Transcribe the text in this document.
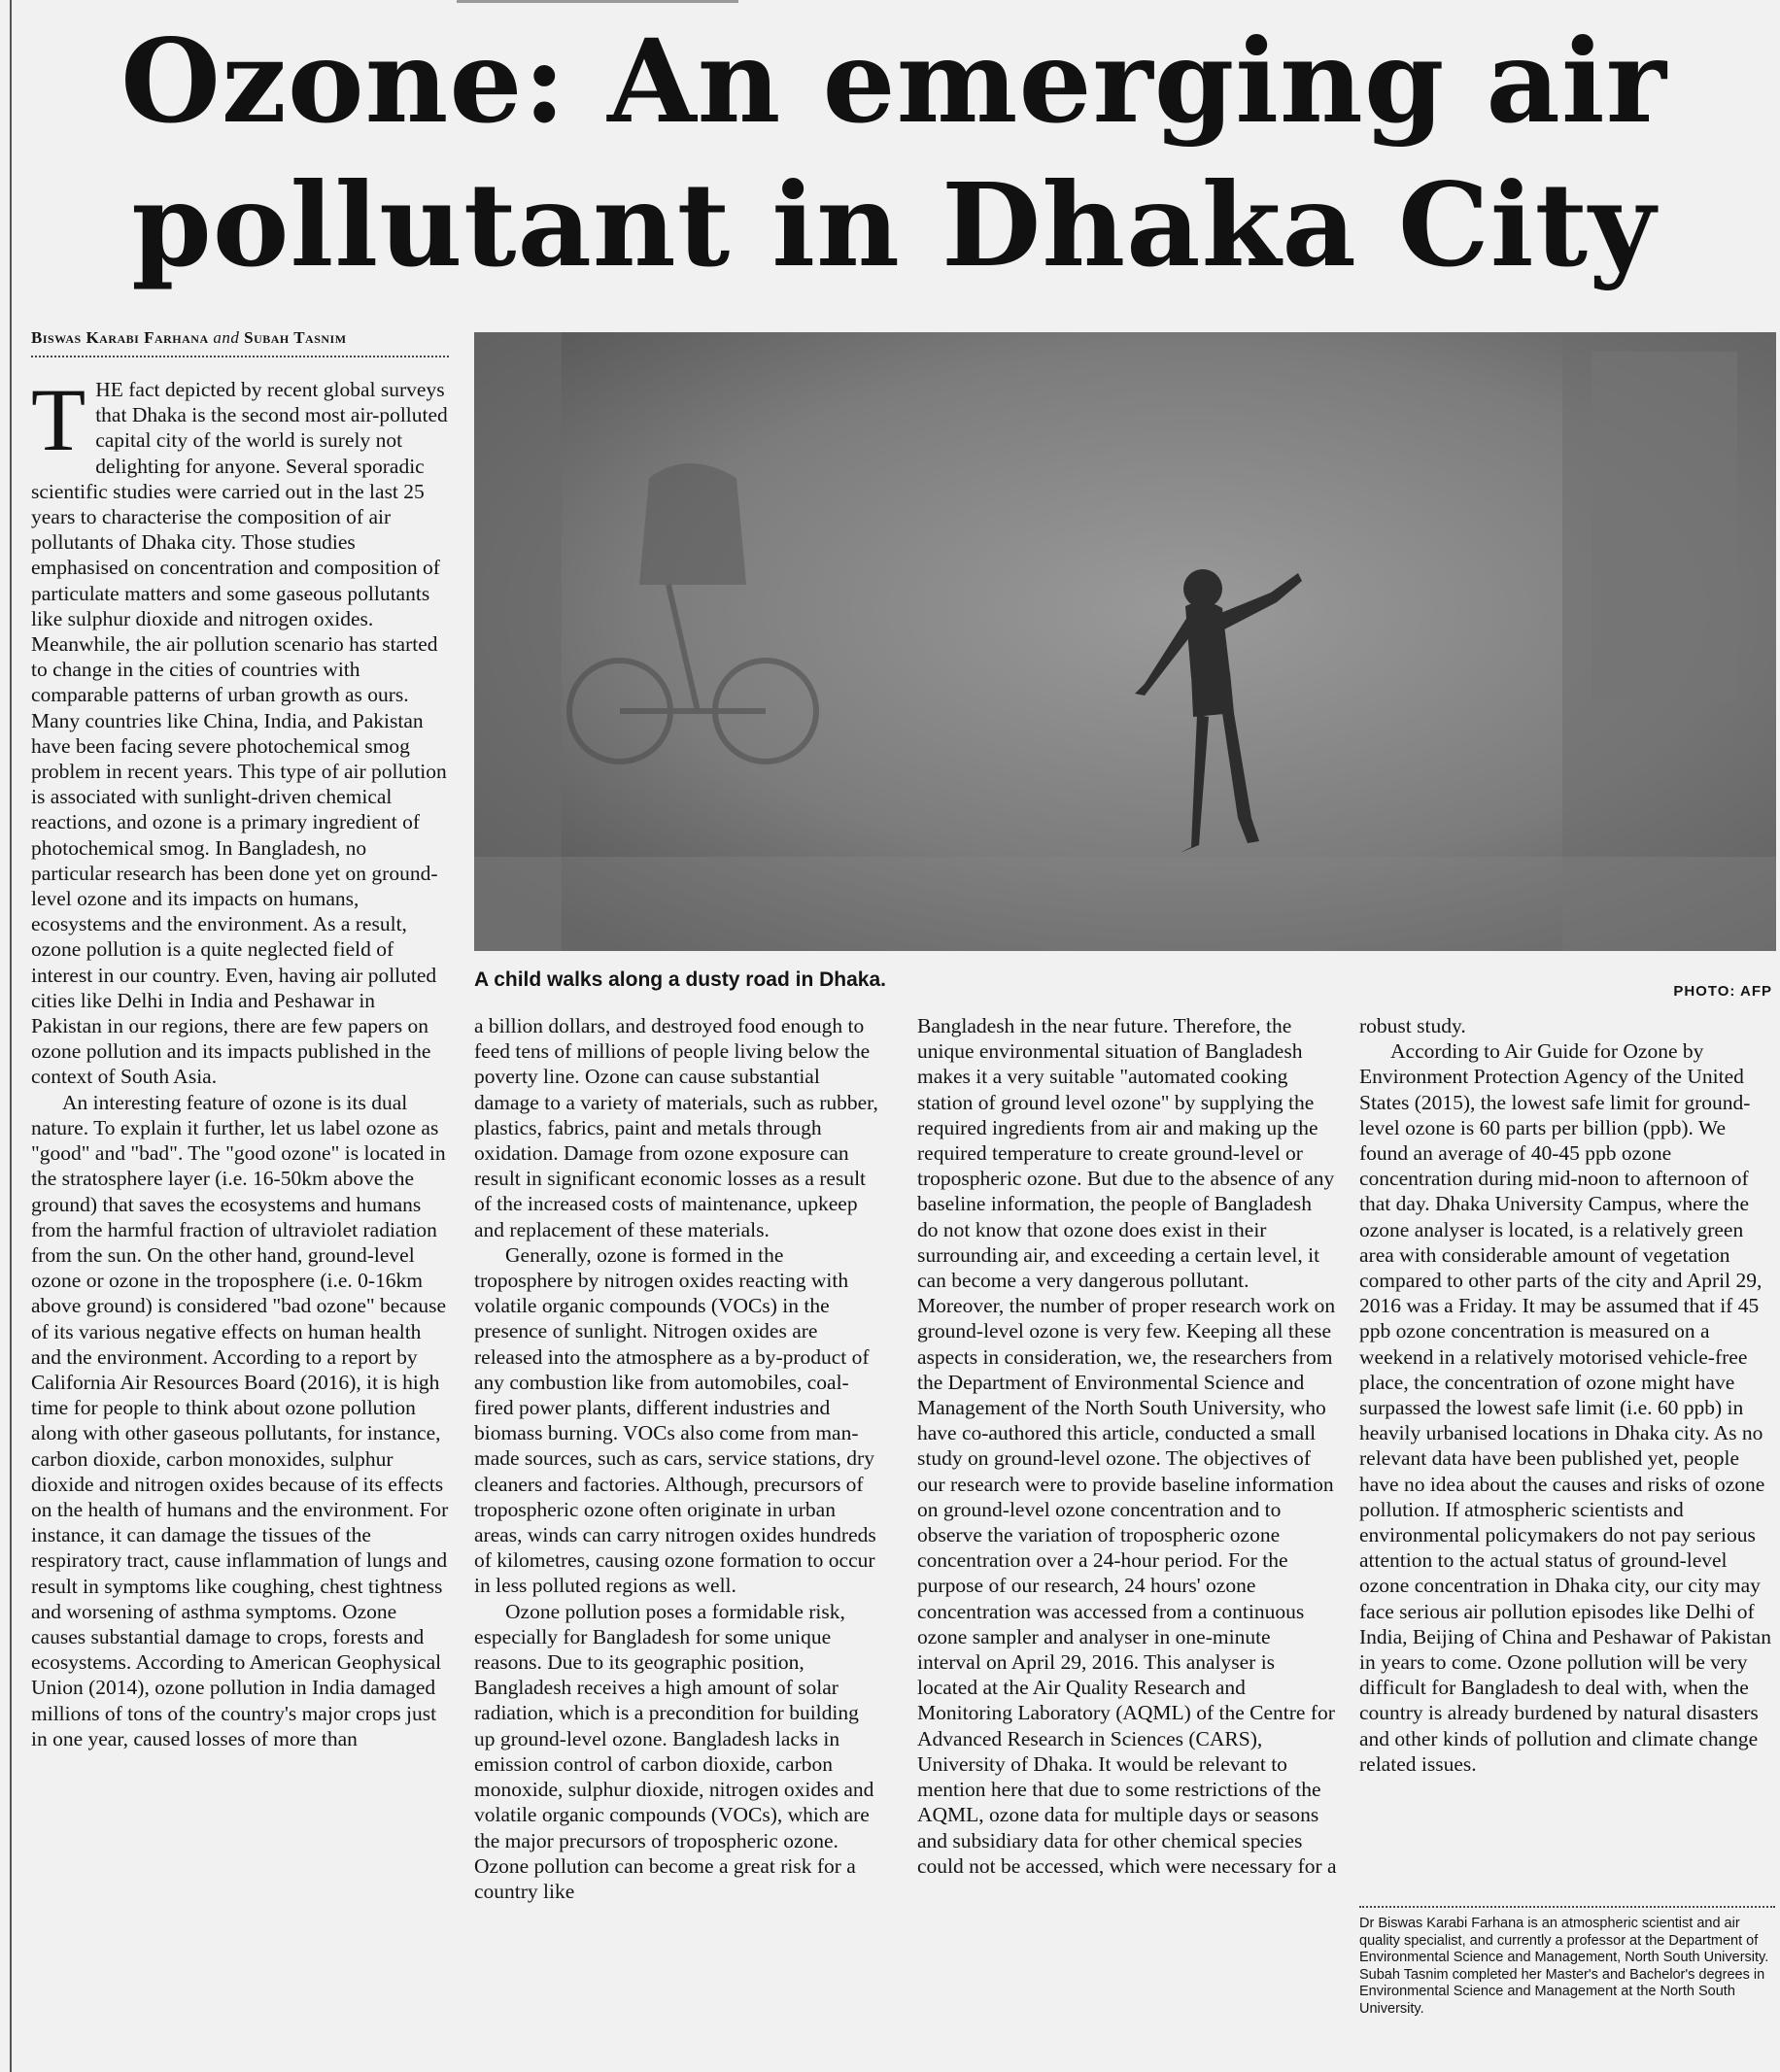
Ozone: An emerging air pollutant in Dhaka City
Biswas Karabi Farhana and Subah Tasnim
A child walks along a dusty road in Dhaka.
PHOTO: AFP

THE fact depicted by recent global surveys that Dhaka is the second most air-polluted capital city of the world is surely not delighting for anyone. Several sporadic scientific studies were carried out in the last 25 years to characterise the composition of air pollutants of Dhaka city. Those studies emphasised on concentration and composition of particulate matters and some gaseous pollutants like sulphur dioxide and nitrogen oxides. Meanwhile, the air pollution scenario has started to change in the cities of countries with comparable patterns of urban growth as ours. Many countries like China, India, and Pakistan have been facing severe photochemical smog problem in recent years. This type of air pollution is associated with sunlight-driven chemical reactions, and ozone is a primary ingredient of photochemical smog. In Bangladesh, no particular research has been done yet on ground-level ozone and its impacts on humans, ecosystems and the environment. As a result, ozone pollution is a quite neglected field of interest in our country. Even, having air polluted cities like Delhi in India and Peshawar in Pakistan in our regions, there are few papers on ozone pollution and its impacts published in the context of South Asia.

An interesting feature of ozone is its dual nature. To explain it further, let us label ozone as "good" and "bad". The "good ozone" is located in the stratosphere layer (i.e. 16-50km above the ground) that saves the ecosystems and humans from the harmful fraction of ultraviolet radiation from the sun. On the other hand, ground-level ozone or ozone in the troposphere (i.e. 0-16km above ground) is considered "bad ozone" because of its various negative effects on human health and the environment. According to a report by California Air Resources Board (2016), it is high time for people to think about ozone pollution along with other gaseous pollutants, for instance, carbon dioxide, carbon monoxides, sulphur dioxide and nitrogen oxides because of its effects on the health of humans and the environment. For instance, it can damage the tissues of the respiratory tract, cause inflammation of lungs and result in symptoms like coughing, chest tightness and worsening of asthma symptoms. Ozone causes substantial damage to crops, forests and ecosystems. According to American Geophysical Union (2014), ozone pollution in India damaged millions of tons of the country's major crops just in one year, caused losses of more than

a billion dollars, and destroyed food enough to feed tens of millions of people living below the poverty line. Ozone can cause substantial damage to a variety of materials, such as rubber, plastics, fabrics, paint and metals through oxidation. Damage from ozone exposure can result in significant economic losses as a result of the increased costs of maintenance, upkeep and replacement of these materials.

Generally, ozone is formed in the troposphere by nitrogen oxides reacting with volatile organic compounds (VOCs) in the presence of sunlight. Nitrogen oxides are released into the atmosphere as a by-product of any combustion like from automobiles, coal-fired power plants, different industries and biomass burning. VOCs also come from man-made sources, such as cars, service stations, dry cleaners and factories. Although, precursors of tropospheric ozone often originate in urban areas, winds can carry nitrogen oxides hundreds of kilometres, causing ozone formation to occur in less polluted regions as well.

Ozone pollution poses a formidable risk, especially for Bangladesh for some unique reasons. Due to its geographic position, Bangladesh receives a high amount of solar radiation, which is a precondition for building up ground-level ozone. Bangladesh lacks in emission control of carbon dioxide, carbon monoxide, sulphur dioxide, nitrogen oxides and volatile organic compounds (VOCs), which are the major precursors of tropospheric ozone. Ozone pollution can become a great risk for a country like

Bangladesh in the near future. Therefore, the unique environmental situation of Bangladesh makes it a very suitable "automated cooking station of ground level ozone" by supplying the required ingredients from air and making up the required temperature to create ground-level or tropospheric ozone. But due to the absence of any baseline information, the people of Bangladesh do not know that ozone does exist in their surrounding air, and exceeding a certain level, it can become a very dangerous pollutant. Moreover, the number of proper research work on ground-level ozone is very few. Keeping all these aspects in consideration, we, the researchers from the Department of Environmental Science and Management of the North South University, who have co-authored this article, conducted a small study on ground-level ozone. The objectives of our research were to provide baseline information on ground-level ozone concentration and to observe the variation of tropospheric ozone concentration over a 24-hour period. For the purpose of our research, 24 hours' ozone concentration was accessed from a continuous ozone sampler and analyser in one-minute interval on April 29, 2016. This analyser is located at the Air Quality Research and Monitoring Laboratory (AQML) of the Centre for Advanced Research in Sciences (CARS), University of Dhaka. It would be relevant to mention here that due to some restrictions of the AQML, ozone data for multiple days or seasons and subsidiary data for other chemical species could not be accessed, which were necessary for a

robust study.

According to Air Guide for Ozone by Environment Protection Agency of the United States (2015), the lowest safe limit for ground-level ozone is 60 parts per billion (ppb). We found an average of 40-45 ppb ozone concentration during mid-noon to afternoon of that day. Dhaka University Campus, where the ozone analyser is located, is a relatively green area with considerable amount of vegetation compared to other parts of the city and April 29, 2016 was a Friday. It may be assumed that if 45 ppb ozone concentration is measured on a weekend in a relatively motorised vehicle-free place, the concentration of ozone might have surpassed the lowest safe limit (i.e. 60 ppb) in heavily urbanised locations in Dhaka city. As no relevant data have been published yet, people have no idea about the causes and risks of ozone pollution. If atmospheric scientists and environmental policymakers do not pay serious attention to the actual status of ground-level ozone concentration in Dhaka city, our city may face serious air pollution episodes like Delhi of India, Beijing of China and Peshawar of Pakistan in years to come. Ozone pollution will be very difficult for Bangladesh to deal with, when the country is already burdened by natural disasters and other kinds of pollution and climate change related issues.

Dr Biswas Karabi Farhana is an atmospheric scientist and air quality specialist, and currently a professor at the Department of Environmental Science and Management, North South University. Subah Tasnim completed her Master's and Bachelor's degrees in Environmental Science and Management at the North South University.
